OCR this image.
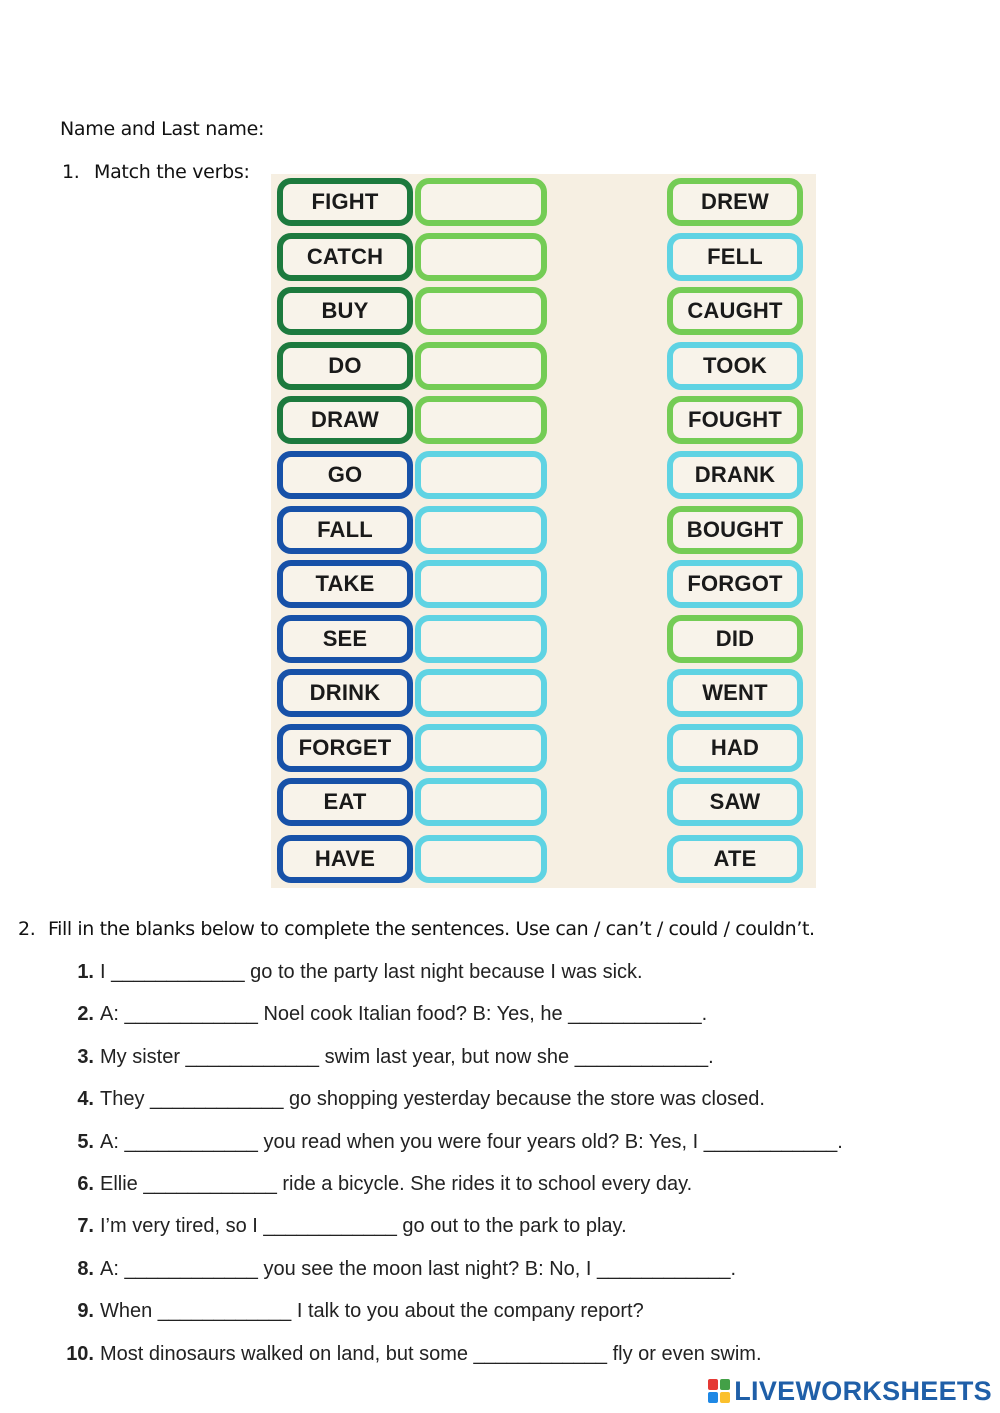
Name and Last name:
1. Match the verbs:
FIGHT	DREW
CATCH	FELL
BUY	CAUGHT
DO	TOOK
DRAW	FOUGHT
GO	DRANK
FALL	BOUGHT
TAKE	FORGOT
SEE	DID
DRINK	WENT
FORGET	HAD
EAT	SAW
HAVE	ATE
2. Fill in the blanks below to complete the sentences. Use can / can’t / could / couldn’t.
1. I ____________ go to the party last night because I was sick.
2. A: ____________ Noel cook Italian food? B: Yes, he ____________.
3. My sister ____________ swim last year, but now she ____________.
4. They ____________ go shopping yesterday because the store was closed.
5. A: ____________ you read when you were four years old? B: Yes, I ____________.
6. Ellie ____________ ride a bicycle. She rides it to school every day.
7. I’m very tired, so I ____________ go out to the park to play.
8. A: ____________ you see the moon last night? B: No, I ____________.
9. When ____________ I talk to you about the company report?
10. Most dinosaurs walked on land, but some ____________ fly or even swim.
LIVEWORKSHEETS
